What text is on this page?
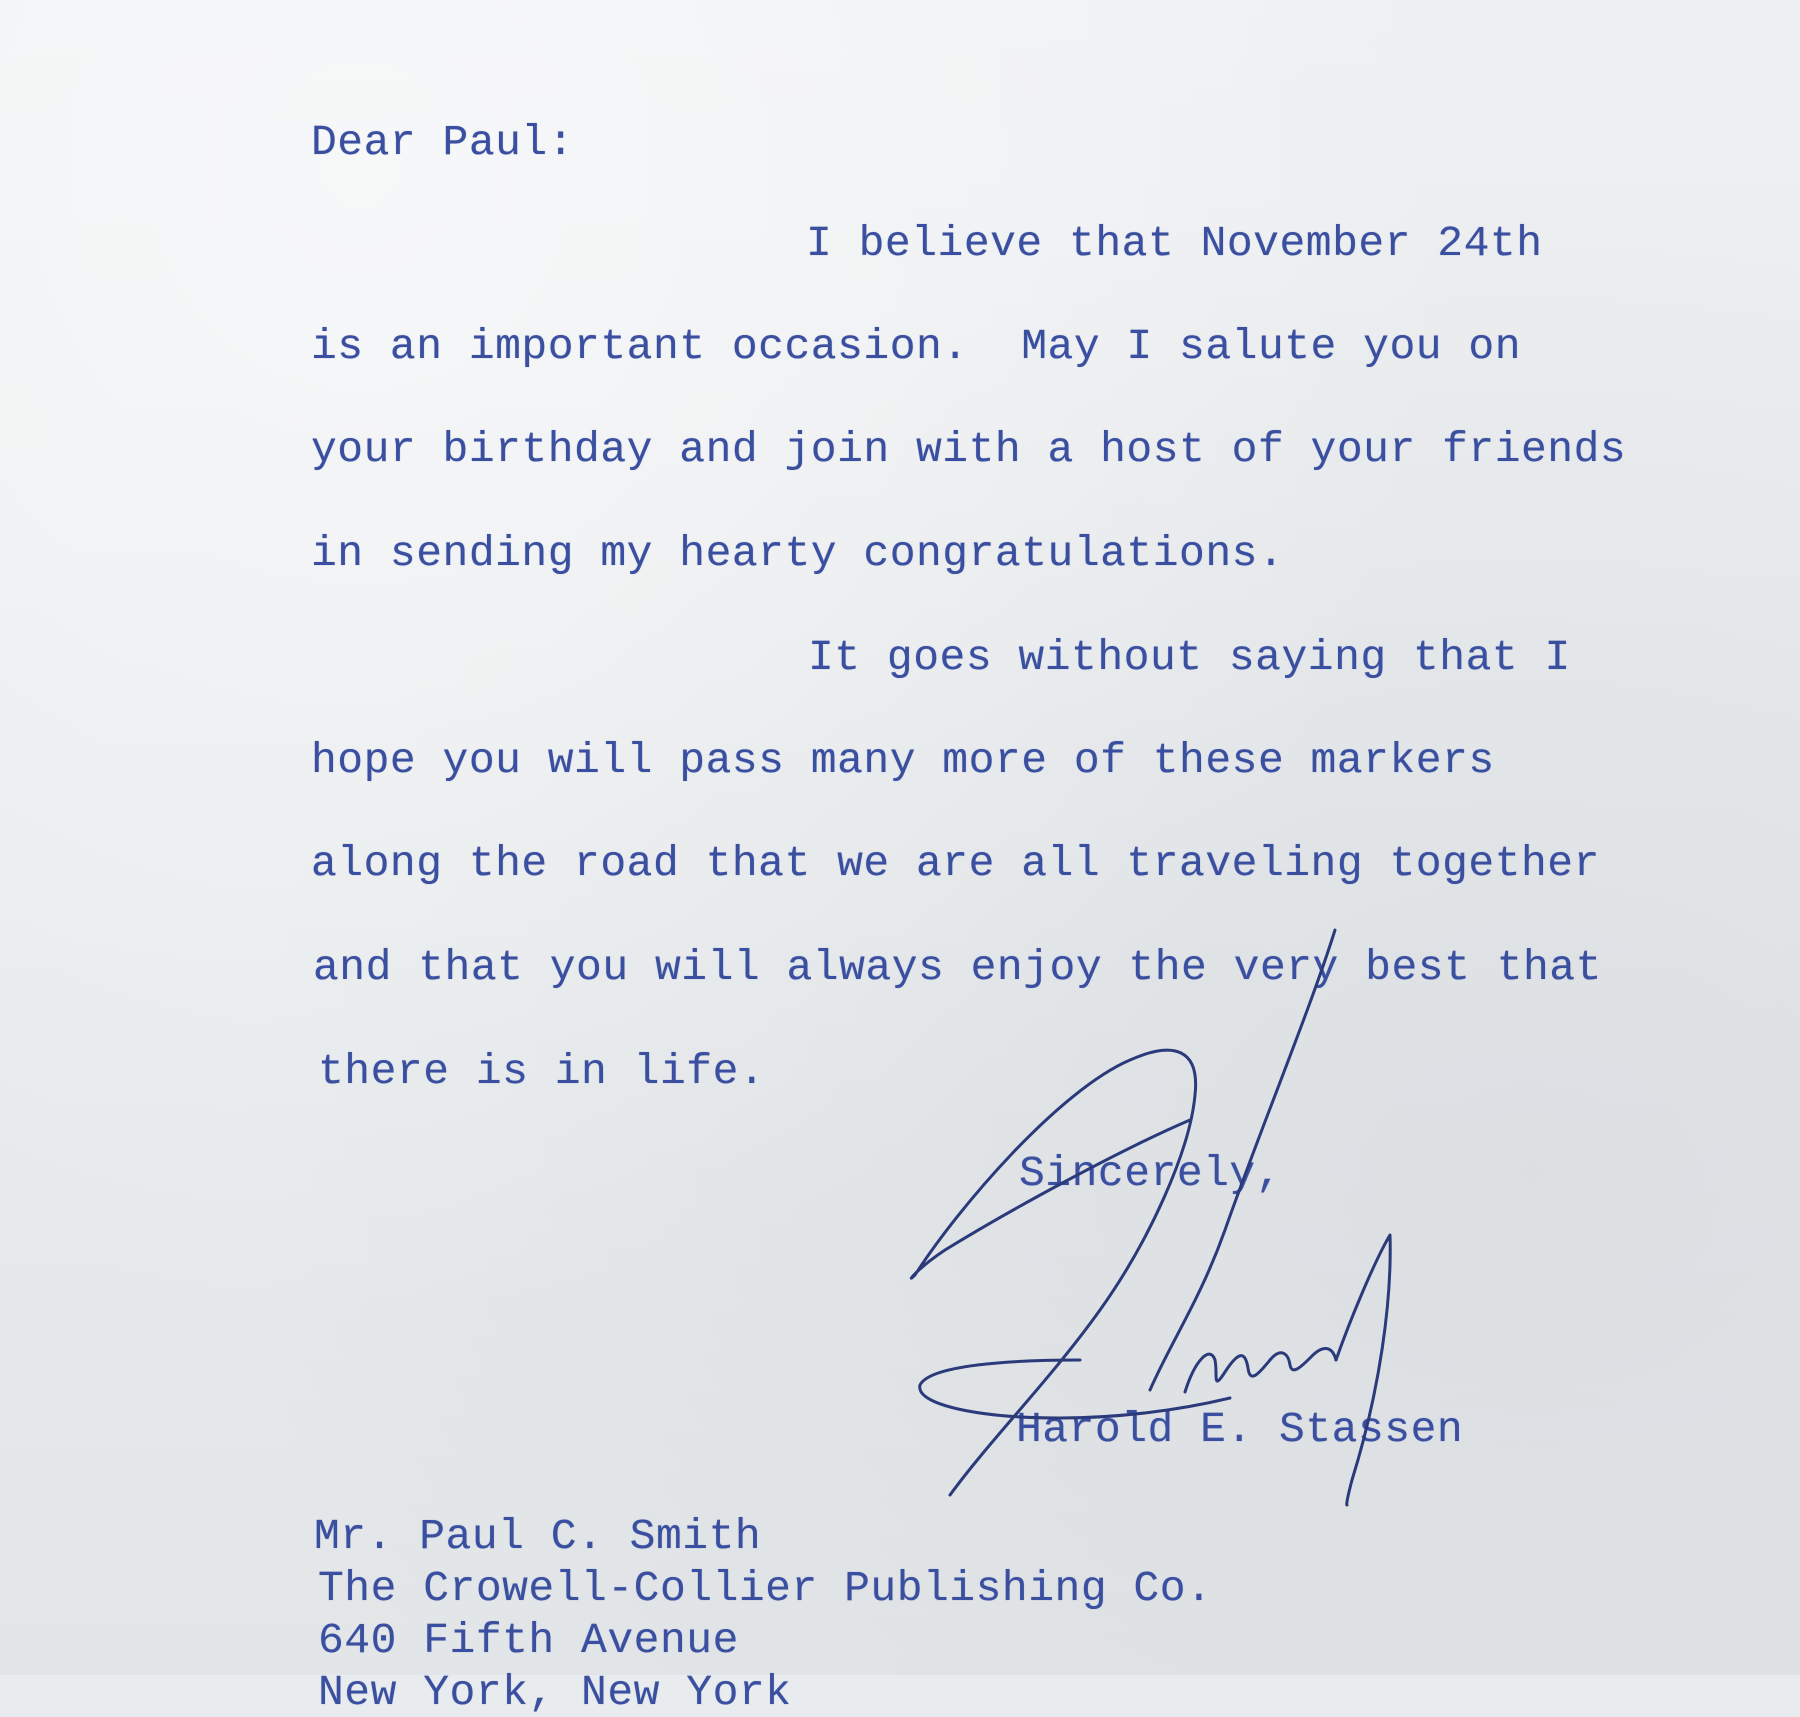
Dear Paul:
I believe that November 24th
is an important occasion.  May I salute you on
your birthday and join with a host of your friends
in sending my hearty congratulations.
It goes without saying that I
hope you will pass many more of these markers
along the road that we are all traveling together
and that you will always enjoy the very best that
there is in life.
Sincerely,
Harold E. Stassen
Mr. Paul C. Smith
The Crowell-Collier Publishing Co.
640 Fifth Avenue
New York, New York
